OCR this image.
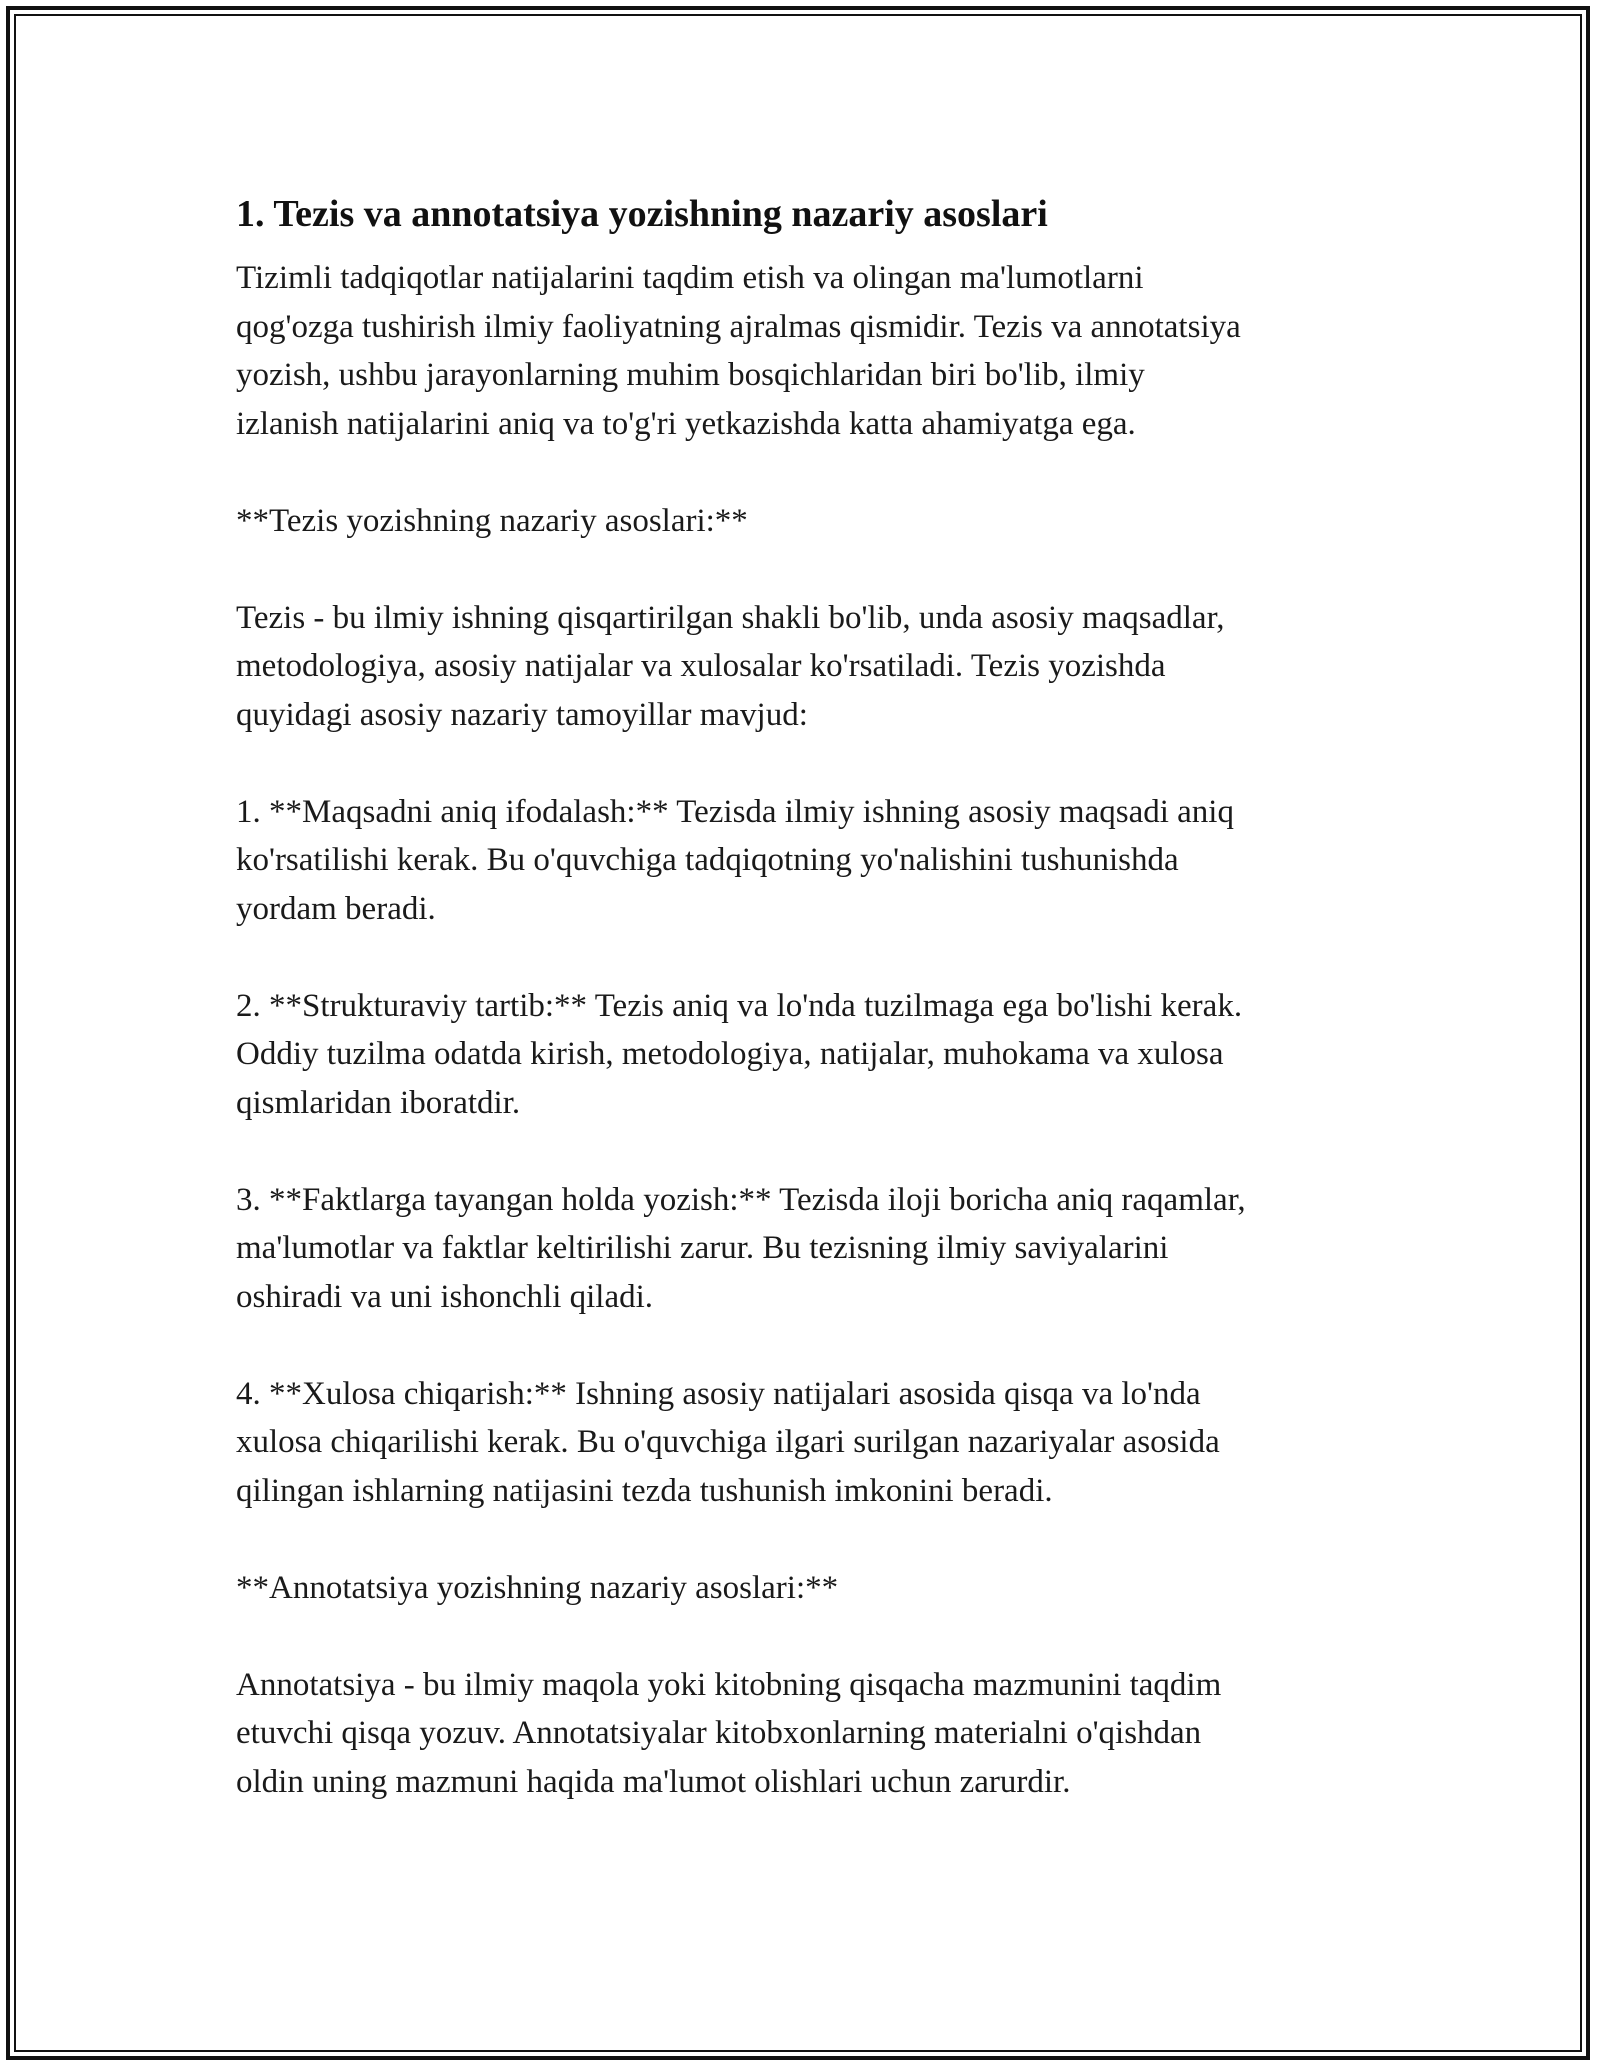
1. Tezis va annotatsiya yozishning nazariy asoslari

Tizimli tadqiqotlar natijalarini taqdim etish va olingan ma'lumotlarni
qog'ozga tushirish ilmiy faoliyatning ajralmas qismidir. Tezis va annotatsiya
yozish, ushbu jarayonlarning muhim bosqichlaridan biri bo'lib, ilmiy
izlanish natijalarini aniq va to'g'ri yetkazishda katta ahamiyatga ega.

**Tezis yozishning nazariy asoslari:**

Tezis - bu ilmiy ishning qisqartirilgan shakli bo'lib, unda asosiy maqsadlar,
metodologiya, asosiy natijalar va xulosalar ko'rsatiladi. Tezis yozishda
quyidagi asosiy nazariy tamoyillar mavjud:

1. **Maqsadni aniq ifodalash:** Tezisda ilmiy ishning asosiy maqsadi aniq
ko'rsatilishi kerak. Bu o'quvchiga tadqiqotning yo'nalishini tushunishda
yordam beradi.

2. **Strukturaviy tartib:** Tezis aniq va lo'nda tuzilmaga ega bo'lishi kerak.
Oddiy tuzilma odatda kirish, metodologiya, natijalar, muhokama va xulosa
qismlaridan iboratdir.

3. **Faktlarga tayangan holda yozish:** Tezisda iloji boricha aniq raqamlar,
ma'lumotlar va faktlar keltirilishi zarur. Bu tezisning ilmiy saviyalarini
oshiradi va uni ishonchli qiladi.

4. **Xulosa chiqarish:** Ishning asosiy natijalari asosida qisqa va lo'nda
xulosa chiqarilishi kerak. Bu o'quvchiga ilgari surilgan nazariyalar asosida
qilingan ishlarning natijasini tezda tushunish imkonini beradi.

**Annotatsiya yozishning nazariy asoslari:**

Annotatsiya - bu ilmiy maqola yoki kitobning qisqacha mazmunini taqdim
etuvchi qisqa yozuv. Annotatsiyalar kitobxonlarning materialni o'qishdan
oldin uning mazmuni haqida ma'lumot olishlari uchun zarurdir.
